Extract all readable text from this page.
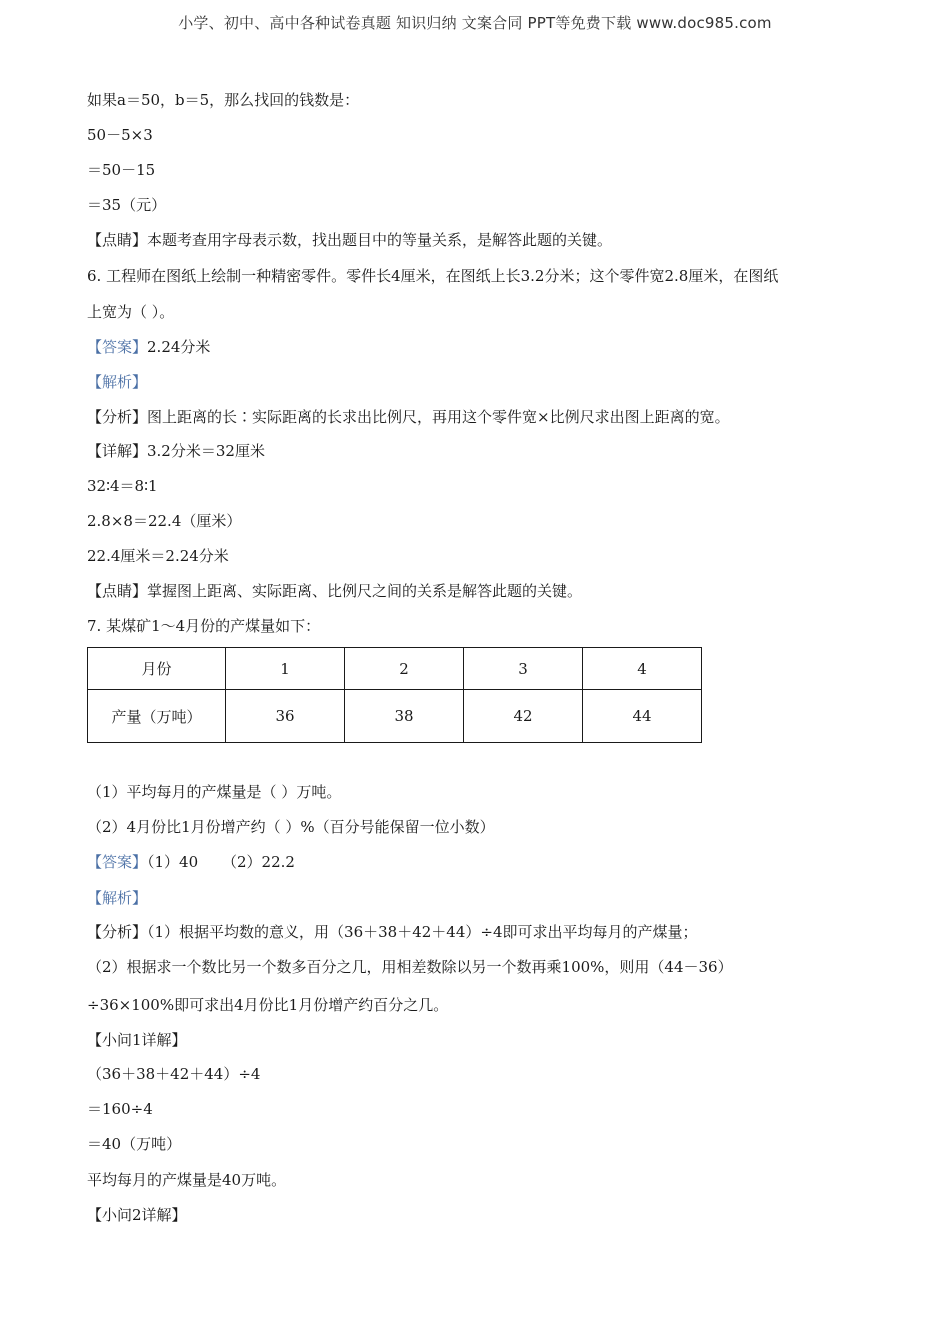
小学、初中、高中各种试卷真题 知识归纳 文案合同 PPT等免费下载 www.doc985.com
如果a＝50，b＝5，那么找回的钱数是：
50－5×3
＝50－15
＝35（元）
【点睛】本题考查用字母表示数，找出题目中的等量关系，是解答此题的关键。
6. 工程师在图纸上绘制一种精密零件。零件长4厘米，在图纸上长3.2分米；这个零件宽2.8厘米，在图纸
上宽为（ ）。
【答案】2.24分米
【解析】
【分析】图上距离的长∶实际距离的长求出比例尺，再用这个零件宽×比例尺求出图上距离的宽。
【详解】3.2分米＝32厘米
32∶4＝8∶1
2.8×8＝22.4（厘米）
22.4厘米＝2.24分米
【点睛】掌握图上距离、实际距离、比例尺之间的关系是解答此题的关键。
7. 某煤矿1～4月份的产煤量如下：
月份	1	2	3	4
产量（万吨）	36	38	42	44
（1）平均每月的产煤量是（ ）万吨。
（2）4月份比1月份增产约（ ）%（百分号能保留一位小数）
【答案】（1）40     （2）22.2
【解析】
【分析】（1）根据平均数的意义，用（36＋38＋42＋44）÷4即可求出平均每月的产煤量；
（2）根据求一个数比另一个数多百分之几，用相差数除以另一个数再乘100%，则用（44－36）
÷36×100%即可求出4月份比1月份增产约百分之几。
【小问1详解】
（36＋38＋42＋44）÷4
＝160÷4
＝40（万吨）
平均每月的产煤量是40万吨。
【小问2详解】
